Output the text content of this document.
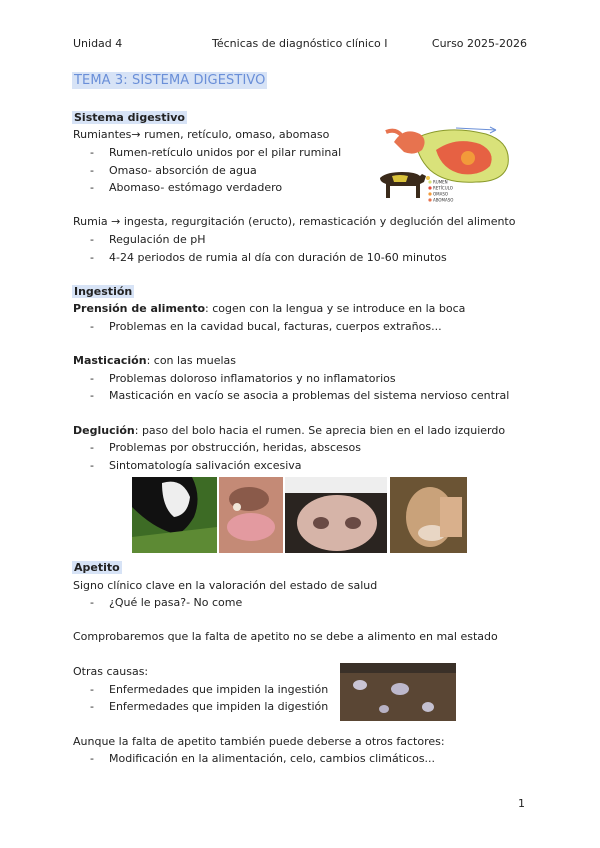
Unidad 4	Técnicas de diagnóstico clínico I	Curso 2025-2026
TEMA 3: SISTEMA DIGESTIVO
Sistema digestivo
Rumiantes→ rumen, retículo, omaso, abomaso
- Rumen-retículo unidos por el pilar ruminal
- Omaso- absorción de agua
- Abomaso- estómago verdadero	RUMEN
RETÍCULO
OMASO
ABOMASO
Rumia → ingesta, regurgitación (eructo), remasticación y deglución del alimento
- Regulación de pH
- 4-24 periodos de rumia al día con duración de 10-60 minutos
Ingestión
Prensión de alimento: cogen con la lengua y se introduce en la boca
- Problemas en la cavidad bucal, facturas, cuerpos extraños...
Masticación: con las muelas
- Problemas doloroso inflamatorios y no inflamatorios
- Masticación en vacío se asocia a problemas del sistema nervioso central
Deglución: paso del bolo hacia el rumen. Se aprecia bien en el lado izquierdo
- Problemas por obstrucción, heridas, abscesos
- Sintomatología salivación excesiva
Apetito
Signo clínico clave en la valoración del estado de salud
- ¿Qué le pasa?- No come
Comprobaremos que la falta de apetito no se debe a alimento en mal estado
Otras causas:
- Enfermedades que impiden la ingestión
- Enfermedades que impiden la digestión
Aunque la falta de apetito también puede deberse a otros factores:
- Modificación en la alimentación, celo, cambios climáticos...
1
